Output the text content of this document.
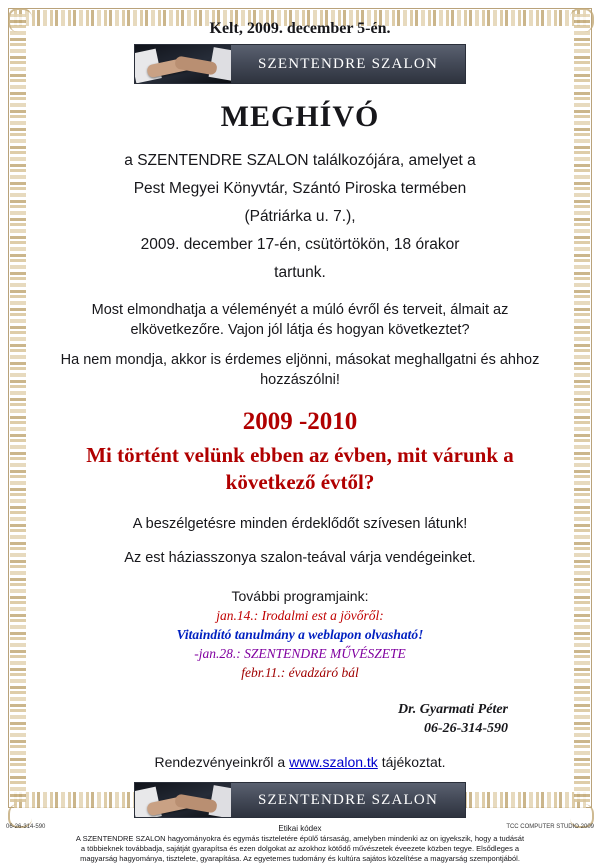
Kelt, 2009. december 5-én.
SZENTENDRE SZALON
MEGHÍVÓ
a SZENTENDRE SZALON találkozójára, amelyet a
Pest Megyei Könyvtár, Szántó Piroska termében
(Pátriárka u. 7.),
2009. december 17-én, csütörtökön, 18 órakor
tartunk.
Most elmondhatja a véleményét a múló évről és terveit, álmait az elkövetkezőre. Vajon jól látja és hogyan következtet?
Ha nem mondja, akkor is érdemes eljönni, másokat meghallgatni és ahhoz hozzászólni!
2009 -2010
Mi történt velünk ebben az évben, mit várunk a következő évtől?
A beszélgetésre minden érdeklődőt szívesen látunk!
Az est háziasszonya szalon-teával várja vendégeinket.
További programjaink:
jan.14.: Irodalmi est a jövőről:
Vitaindító tanulmány a weblapon olvasható!
-jan.28.: SZENTENDRE MŰVÉSZETE
febr.11.: évadzáró bál
Dr. Gyarmati Péter
06-26-314-590
Rendezvényeinkről a www.szalon.tk tájékoztat.
SZENTENDRE SZALON
Etikai kódex
A SZENTENDRE SZALON hagyományokra és egymás tiszteletére épülő társaság, amelyben mindenki az on igyekszik, hogy a tudását a többieknek továbbadja, sajátját gyarapítsa és ezen dolgokat az azokhoz kötődő művészetek éveezete közben tegye. Elsődleges a magyarság hagyománya, tisztelete, gyarapítása. Az egyetemes tudomány és kultúra sajátos közelítése a magyarság szempontjából.
06-26-314-590	TCC COMPUTER STUDIO 2009
